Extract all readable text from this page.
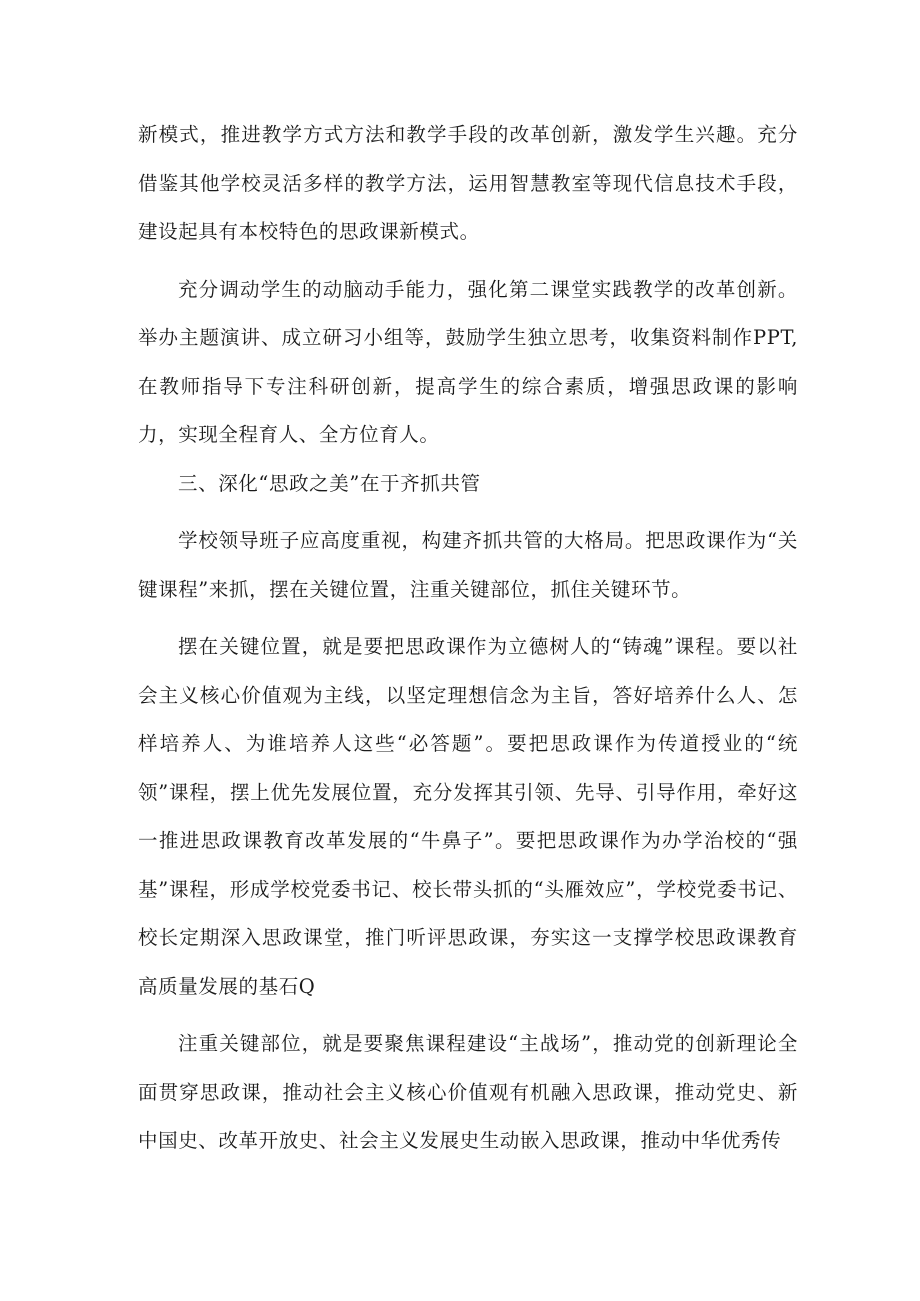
新模式，推进教学方式方法和教学手段的改革创新，激发学生兴趣。充分借鉴其他学校灵活多样的教学方法，运用智慧教室等现代信息技术手段，建设起具有本校特色的思政课新模式。

充分调动学生的动脑动手能力，强化第二课堂实践教学的改革创新。举办主题演讲、成立研习小组等，鼓励学生独立思考，收集资料制作PPT,在教师指导下专注科研创新，提高学生的综合素质，增强思政课的影响力，实现全程育人、全方位育人。

三、深化“思政之美”在于齐抓共管

学校领导班子应高度重视，构建齐抓共管的大格局。把思政课作为“关键课程”来抓，摆在关键位置，注重关键部位，抓住关键环节。

摆在关键位置，就是要把思政课作为立德树人的“铸魂”课程。要以社会主义核心价值观为主线，以坚定理想信念为主旨，答好培养什么人、怎样培养人、为谁培养人这些“必答题”。要把思政课作为传道授业的“统领”课程，摆上优先发展位置，充分发挥其引领、先导、引导作用，牵好这一推进思政课教育改革发展的“牛鼻子”。要把思政课作为办学治校的“强基”课程，形成学校党委书记、校长带头抓的“头雁效应”，学校党委书记、校长定期深入思政课堂，推门听评思政课，夯实这一支撑学校思政课教育高质量发展的基石Q

注重关键部位，就是要聚焦课程建设“主战场”，推动党的创新理论全面贯穿思政课，推动社会主义核心价值观有机融入思政课，推动党史、新中国史、改革开放史、社会主义发展史生动嵌入思政课，推动中华优秀传
